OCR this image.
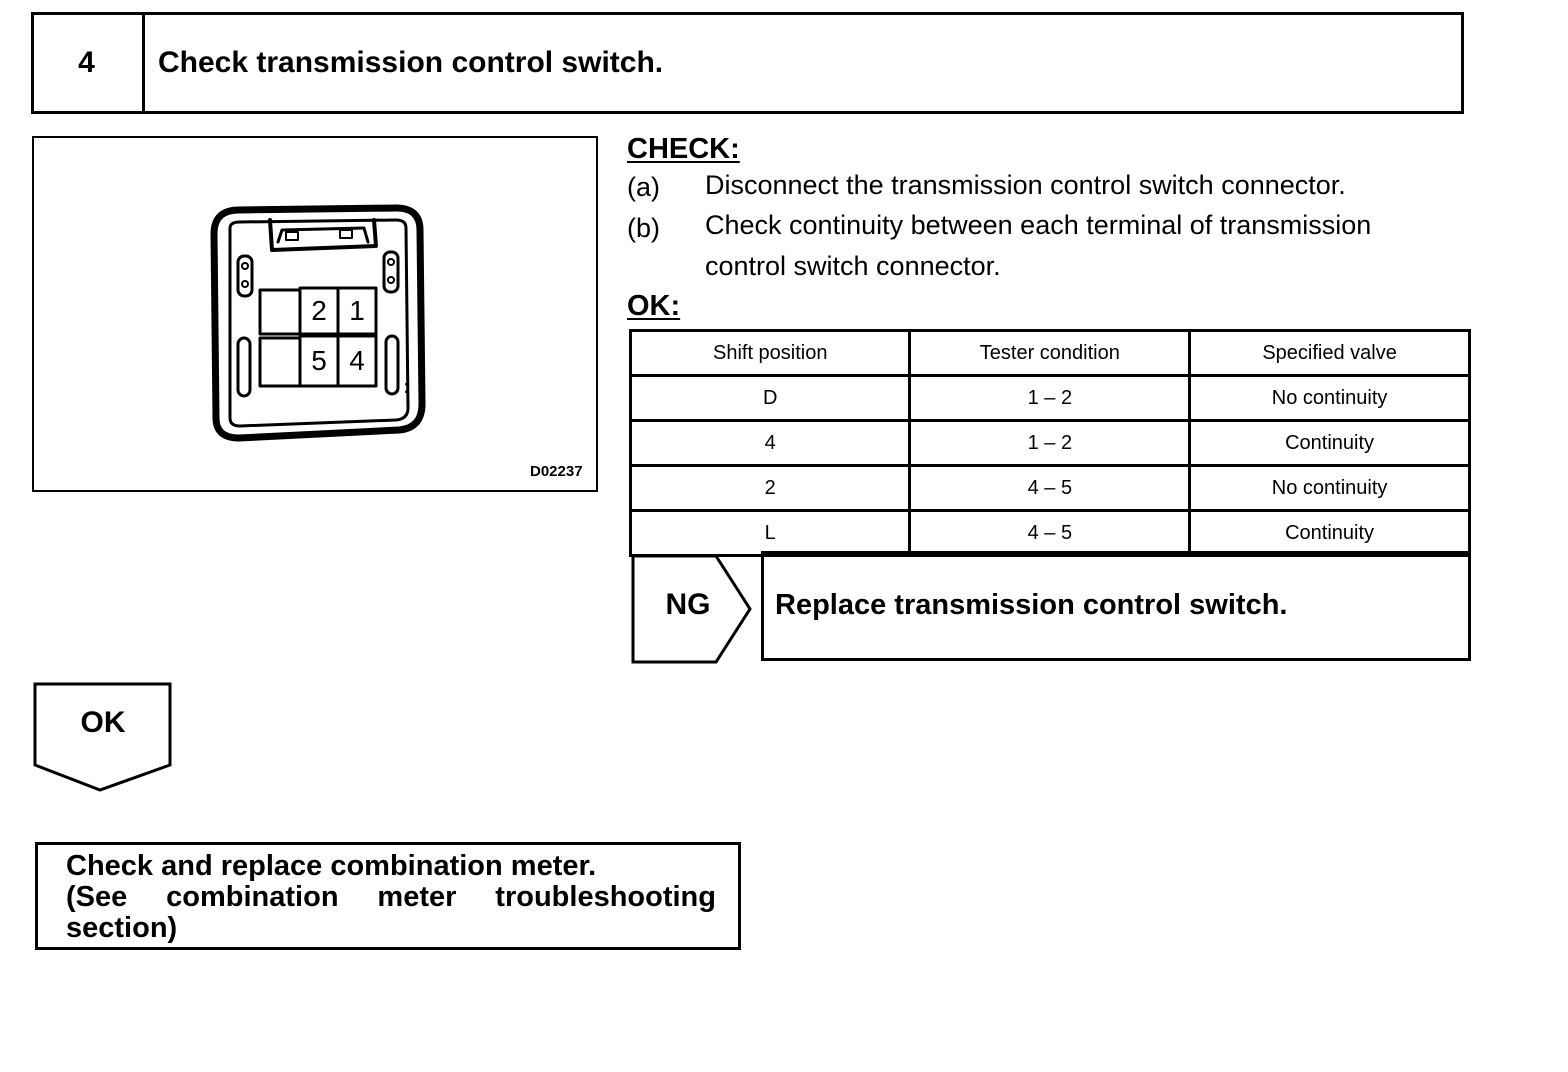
4	Check transmission control switch.
2 1
5 4
D02237
CHECK:
(a) Disconnect the transmission control switch connector.
(b) Check continuity between each terminal of transmission
control switch connector.
OK:
Shift position	Tester condition	Specified valve
D	1 – 2	No continuity
4	1 – 2	Continuity
2	4 – 5	No continuity
L	4 – 5	Continuity
NG	Replace transmission control switch.
OK
Check and replace combination meter.
(See combination meter troubleshooting
section)
